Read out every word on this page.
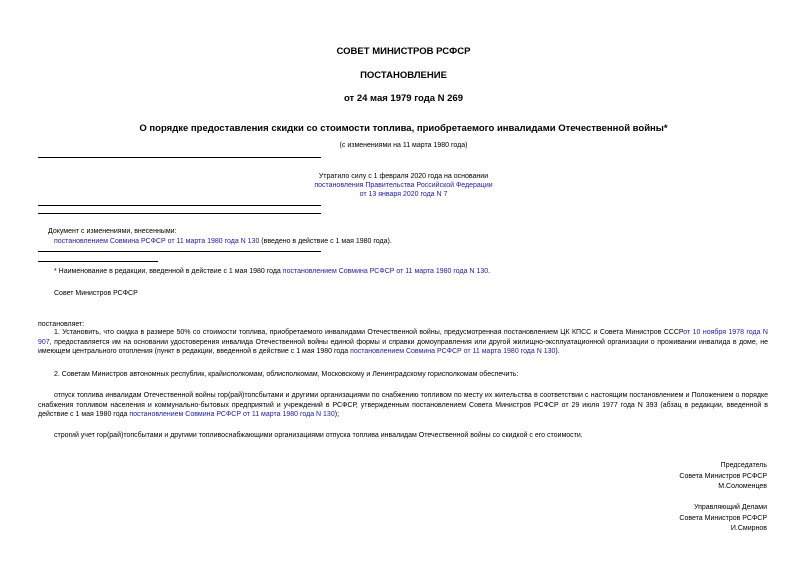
СОВЕТ МИНИСТРОВ РСФСР
ПОСТАНОВЛЕНИЕ
от 24 мая 1979 года N 269
О порядке предоставления скидки со стоимости топлива, приобретаемого инвалидами Отечественной войны*
(с изменениями на 11 марта 1980 года)
Утратило силу с 1 февраля 2020 года на основании
постановления Правительства Российской Федерации
от 13 января 2020 года N 7
Документ с изменениями, внесенными:
постановлением Совмина РСФСР от 11 марта 1980 года N 130 (введено в действие с 1 мая 1980 года).
* Наименование в редакции, введенной в действие с 1 мая 1980 года постановлением Совмина РСФСР от 11 марта 1980 года N 130.
Совет Министров РСФСР
постановляет:
1. Установить, что скидка в размере 50% со стоимости топлива, приобретаемого инвалидами Отечественной войны, предусмотренная постановлением ЦК КПСС и Совета Министров СССРот 10 ноября 1978 года N 907, предоставляется им на основании удостоверения инвалида Отечественной войны единой формы и справки домоуправления или другой жилищно-эксплуатационной организации о проживании инвалида в доме, не имеющем центрального отопления (пункт в редакции, введенной в действие с 1 мая 1980 года постановлением Совмина РСФСР от 11 марта 1980 года N 130).
2. Советам Министров автономных республик, крайисполкомам, облисполкомам, Московскому и Ленинградскому горисполкомам обеспечить:
отпуск топлива инвалидам Отечественной войны гор(рай)топсбытами и другими организациями по снабжению топливом по месту их жительства в соответствии с настоящим постановлением и Положением о порядке снабжения топливом населения и коммунально-бытовых предприятий и учреждений в РСФСР, утвержденным постановлением Совета Министров РСФСР от 29 июля 1977 года N 393 (абзац в редакции, введенной в действие с 1 мая 1980 года постановлением Совмина РСФСР от 11 марта 1980 года N 130);
строгий учет гор(рай)топсбытами и другими топливоснабжающими организациями отпуска топлива инвалидам Отечественной войны со скидкой с его стоимости.
Председатель
Совета Министров РСФСР
М.Соломенцев
Управляющий Делами
Совета Министров РСФСР
И.Смирнов
